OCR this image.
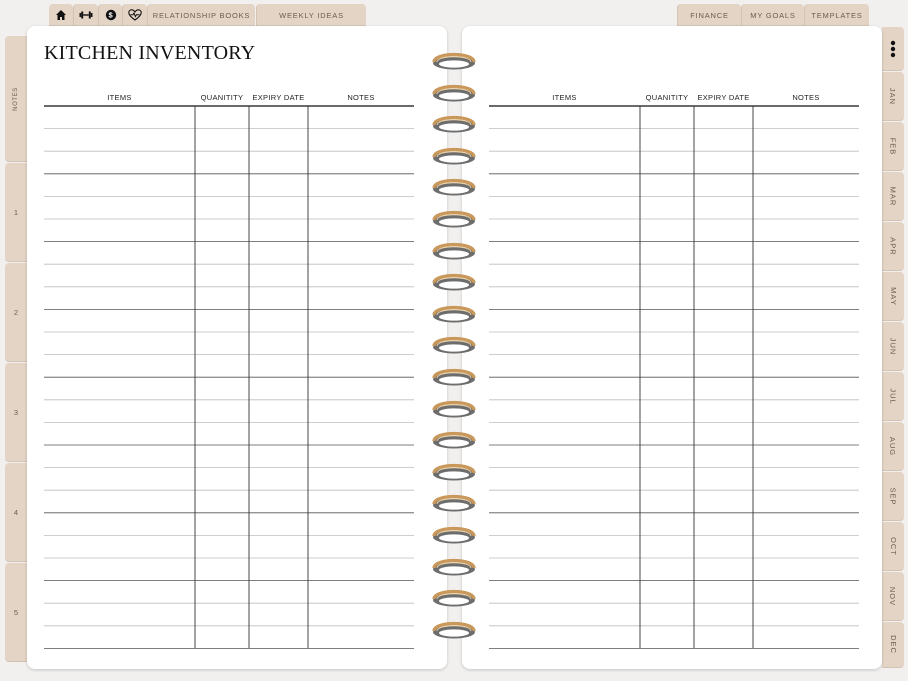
$	RELATIONSHIP BOOKS	WEEKLY IDEAS	FINANCE	MY GOALS	TEMPLATES
NOTES
1
2
3
4
5
JAN
FEB
MAR
APR
MAY
JUN
JUL
AUG
SEP
OCT
NOV
DEC
KITCHEN INVENTORY
ITEMS	QUANITITY	EXPIRY DATE	NOTES	ITEMS	QUANITITY	EXPIRY DATE	NOTES
